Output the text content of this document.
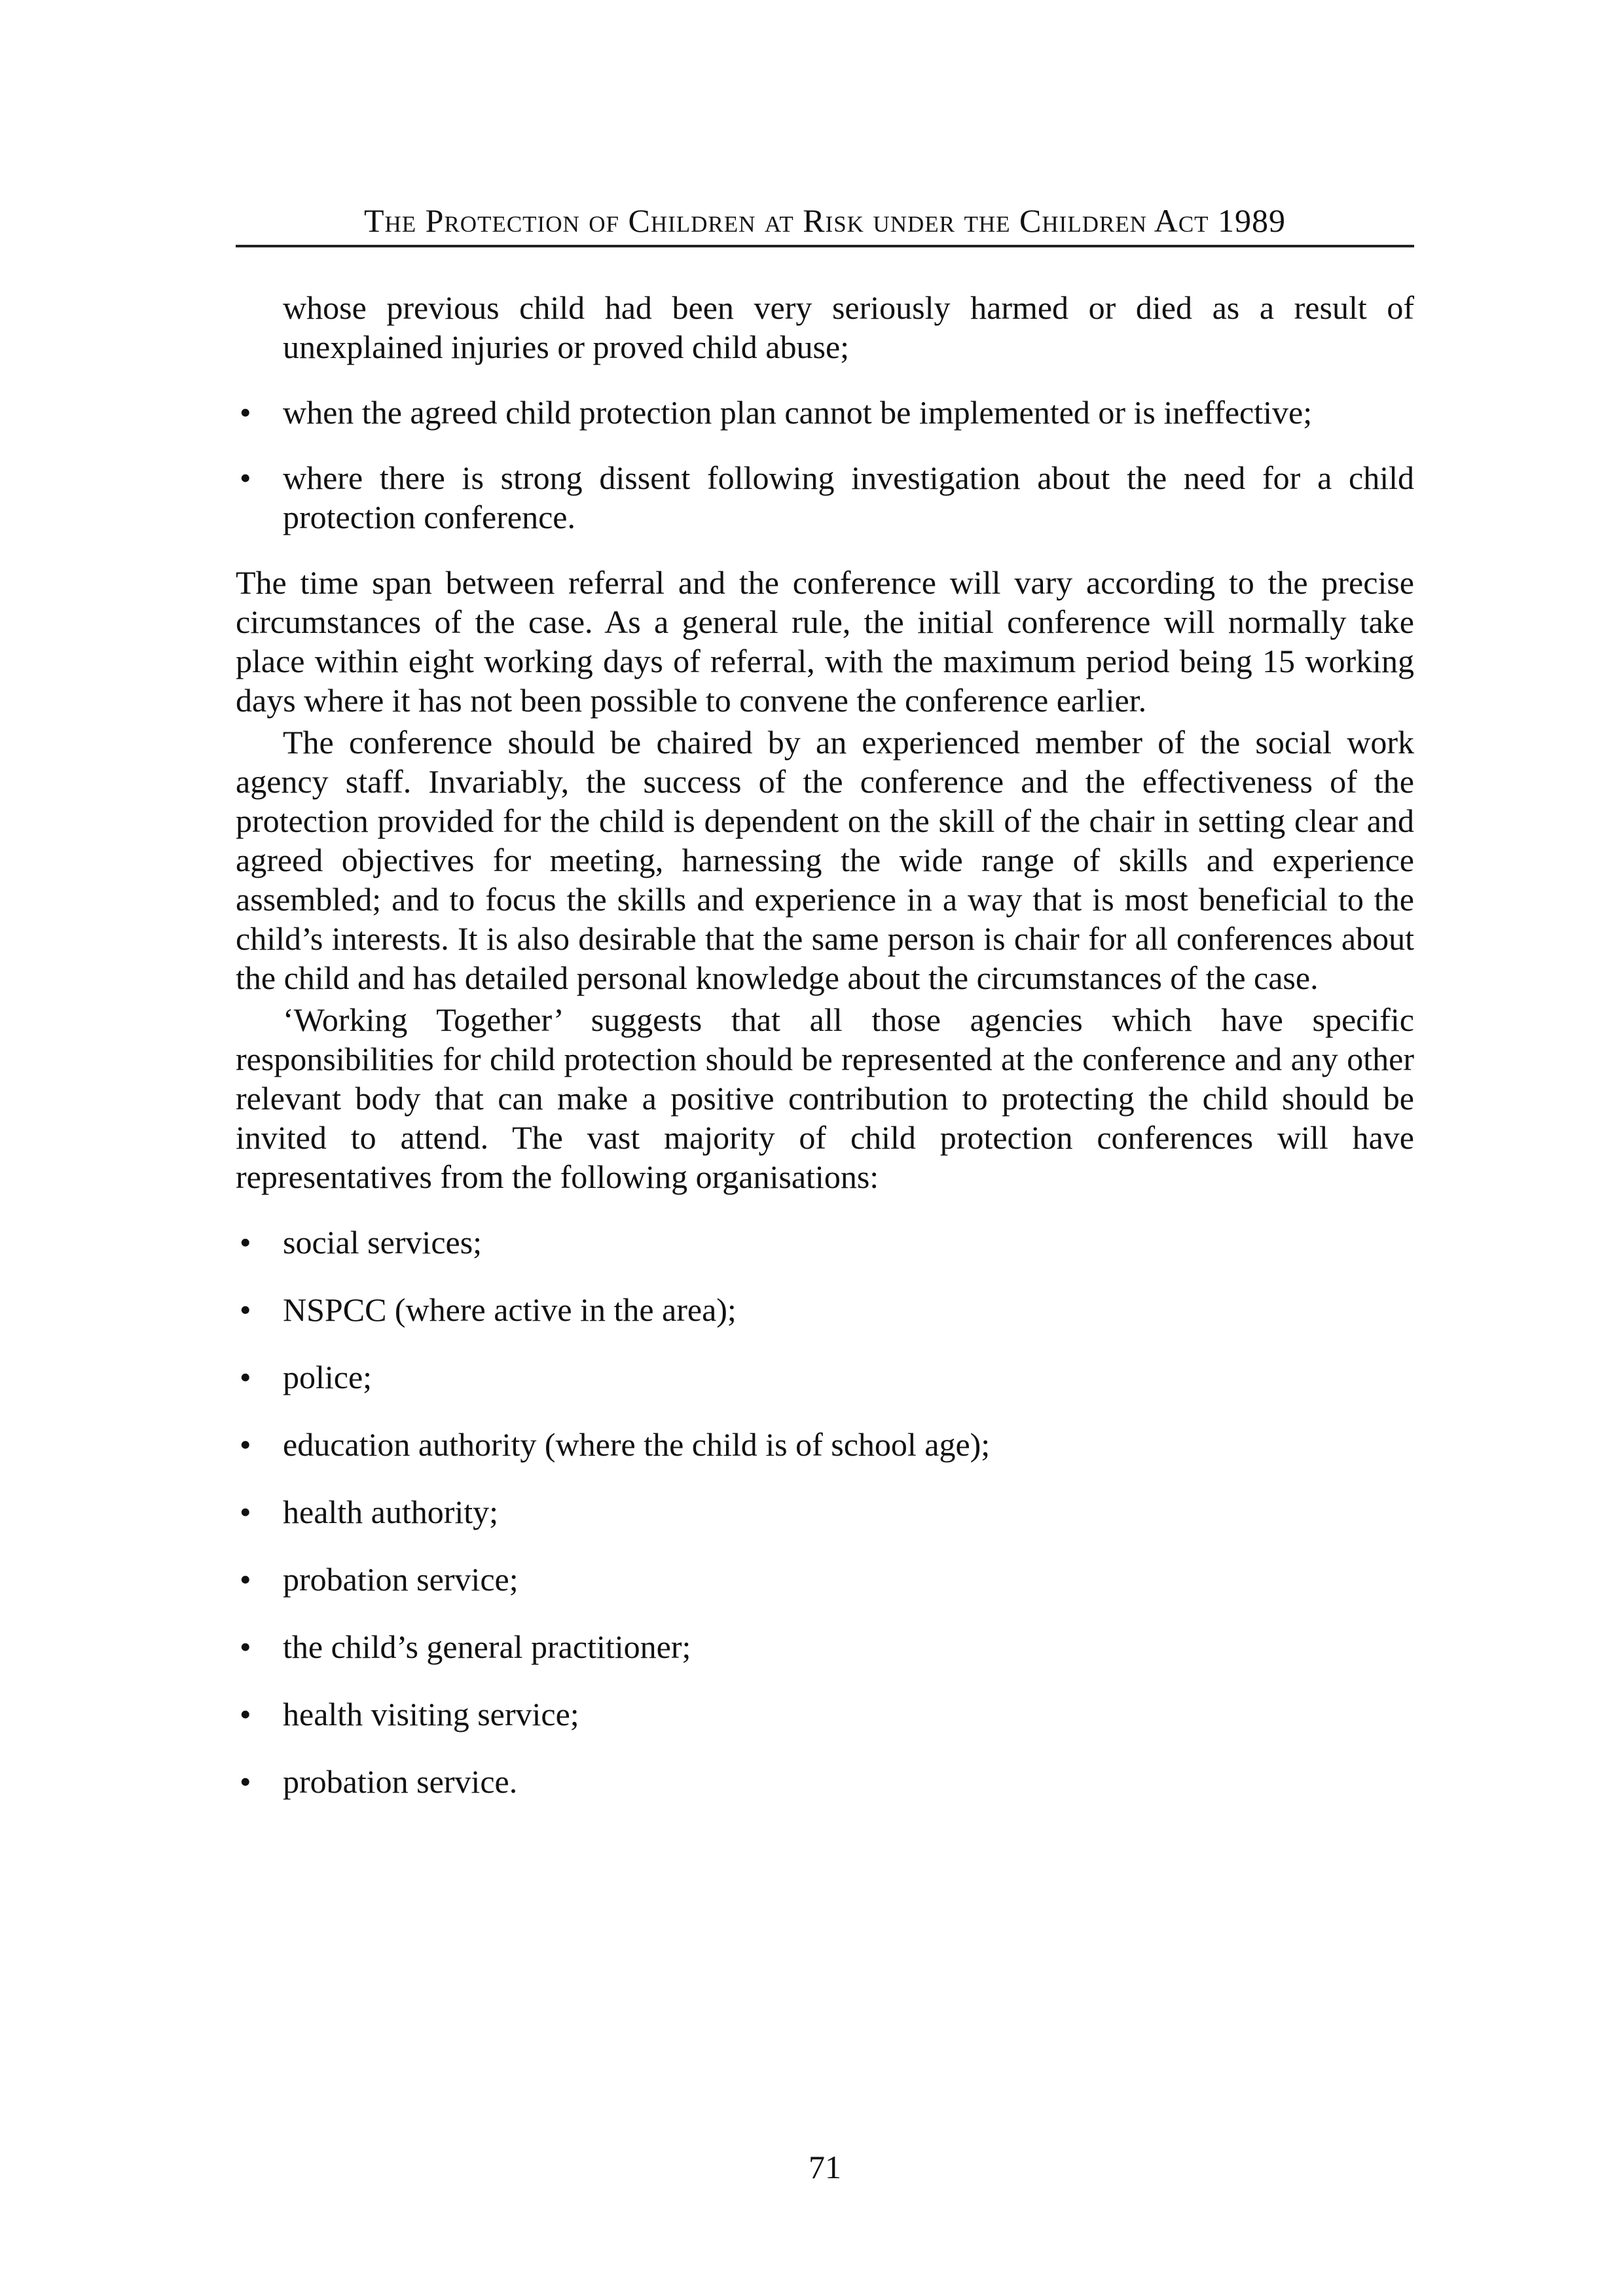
The Protection of Children at Risk under the Children Act 1989

whose previous child had been very seriously harmed or died as a result of unexplained injuries or proved child abuse;

• when the agreed child protection plan cannot be implemented or is ineffective;
• where there is strong dissent following investigation about the need for a child protection conference.

The time span between referral and the conference will vary according to the precise circumstances of the case. As a general rule, the initial conference will normally take place within eight working days of referral, with the maximum period being 15 working days where it has not been possible to convene the conference earlier.

The conference should be chaired by an experienced member of the social work agency staff. Invariably, the success of the conference and the effectiveness of the protection provided for the child is dependent on the skill of the chair in setting clear and agreed objectives for meeting, harnessing the wide range of skills and experience assembled; and to focus the skills and experience in a way that is most beneficial to the child’s interests. It is also desirable that the same person is chair for all conferences about the child and has detailed personal knowledge about the circumstances of the case.

‘Working Together’ suggests that all those agencies which have specific responsibilities for child protection should be represented at the conference and any other relevant body that can make a positive contribution to protecting the child should be invited to attend. The vast majority of child protection conferences will have representatives from the following organisations:

• social services;
• NSPCC (where active in the area);
• police;
• education authority (where the child is of school age);
• health authority;
• probation service;
• the child’s general practitioner;
• health visiting service;
• probation service.
71
